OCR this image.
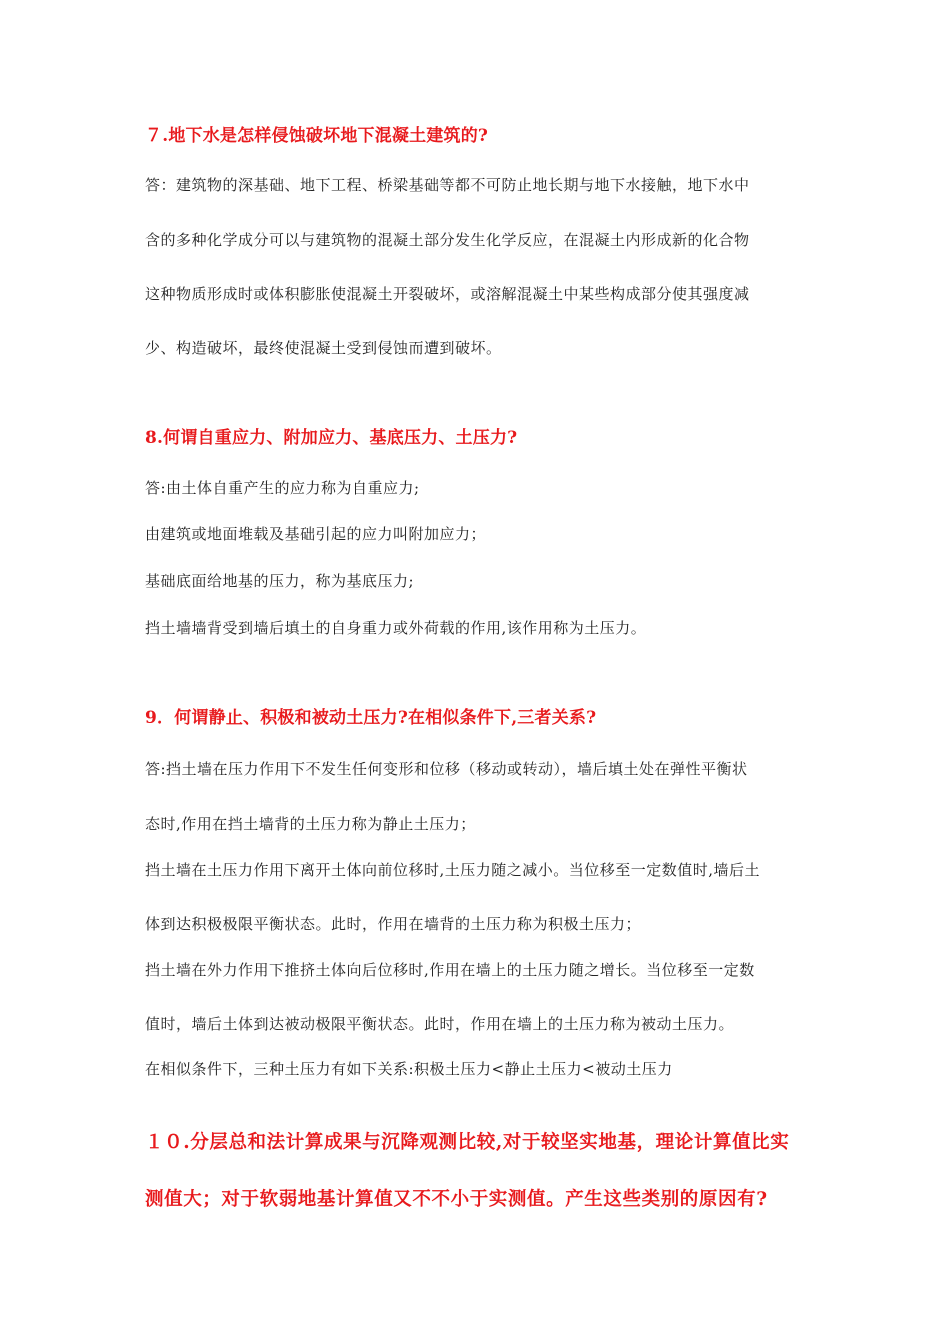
７.地下水是怎样侵蚀破坏地下混凝土建筑的?
答：建筑物的深基础、地下工程、桥梁基础等都不可防止地长期与地下水接触，地下水中
含的多种化学成分可以与建筑物的混凝土部分发生化学反应，在混凝土内形成新的化合物
这种物质形成时或体积膨胀使混凝土开裂破坏，或溶解混凝土中某些构成部分使其强度减
少、构造破坏，最终使混凝土受到侵蚀而遭到破坏。
8.何谓自重应力、附加应力、基底压力、土压力?
答:由土体自重产生的应力称为自重应力;
由建筑或地面堆载及基础引起的应力叫附加应力；
基础底面给地基的压力，称为基底压力;
挡土墙墙背受到墙后填土的自身重力或外荷载的作用,该作用称为土压力。
9．何谓静止、积极和被动土压力?在相似条件下,三者关系?
答:挡土墙在压力作用下不发生任何变形和位移（移动或转动），墙后填土处在弹性平衡状
态时,作用在挡土墙背的土压力称为静止土压力；
挡土墙在土压力作用下离开土体向前位移时,土压力随之减小。当位移至一定数值时,墙后土
体到达积极极限平衡状态。此时，作用在墙背的土压力称为积极土压力；
挡土墙在外力作用下推挤土体向后位移时,作用在墙上的土压力随之增长。当位移至一定数
值时，墙后土体到达被动极限平衡状态。此时，作用在墙上的土压力称为被动土压力。
在相似条件下，三种土压力有如下关系:积极土压力<静止土压力<被动土压力
１０.分层总和法计算成果与沉降观测比较,对于较坚实地基，理论计算值比实
测值大；对于软弱地基计算值又不不小于实测值。产生这些类别的原因有?
